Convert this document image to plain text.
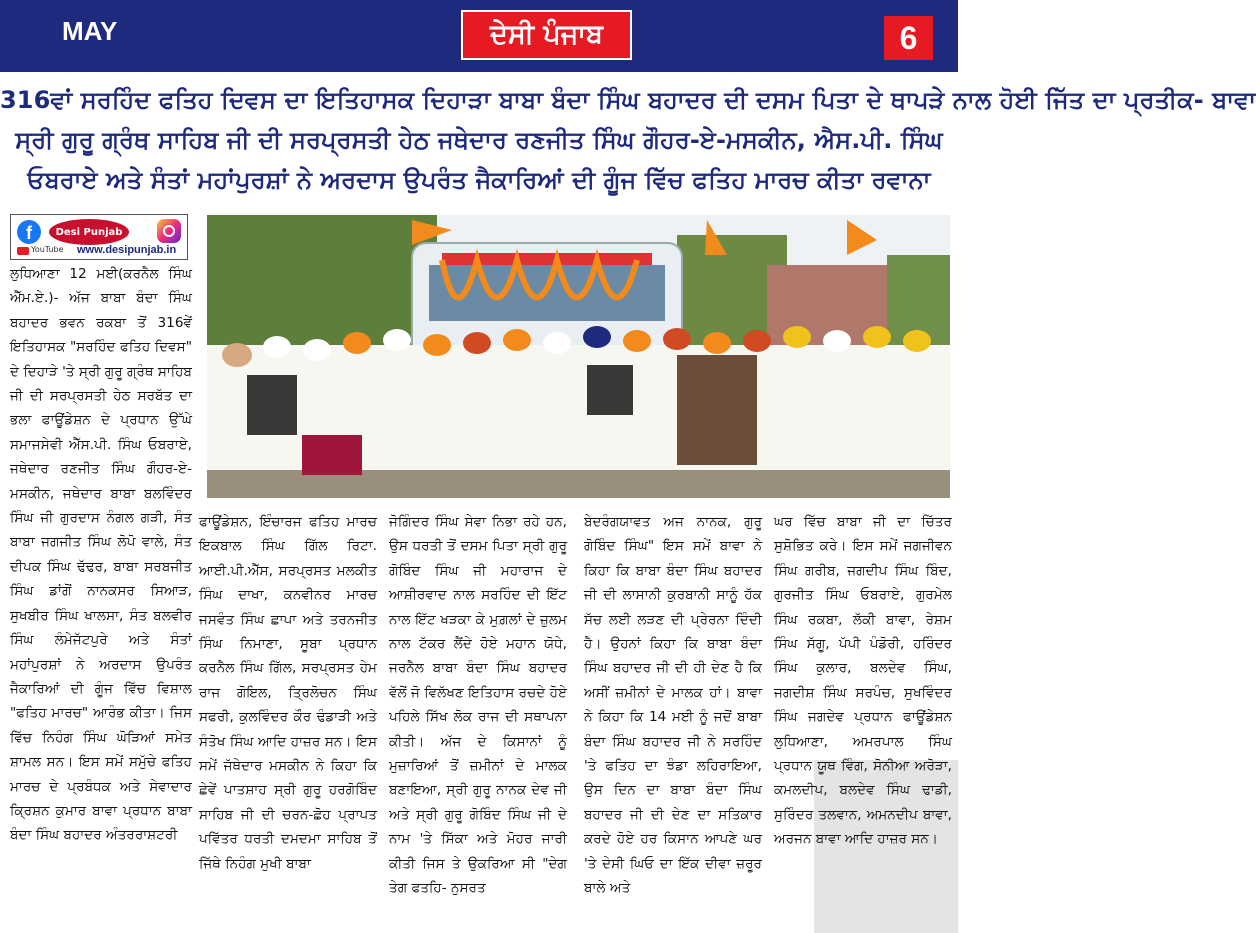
MAY	ਦੇਸੀ ਪੰਜਾਬ	6
316ਵਾਂ ਸਰਹਿੰਦ ਫਤਿਹ ਦਿਵਸ ਦਾ ਇਤਿਹਾਸਕ ਦਿਹਾੜਾ ਬਾਬਾ ਬੰਦਾ ਸਿੰਘ ਬਹਾਦਰ ਦੀ ਦਸਮ ਪਿਤਾ ਦੇ ਥਾਪੜੇ ਨਾਲ ਹੋਈ ਜਿੱਤ ਦਾ ਪ੍ਰਤੀਕ- ਬਾਵਾ
ਸ੍ਰੀ ਗੁਰੂ ਗ੍ਰੰਥ ਸਾਹਿਬ ਜੀ ਦੀ ਸਰਪ੍ਰਸਤੀ ਹੇਠ ਜਥੇਦਾਰ ਰਣਜੀਤ ਸਿੰਘ ਗੌਹਰ-ਏ-ਮਸਕੀਨ, ਐਸ.ਪੀ. ਸਿੰਘ
ਓਬਰਾਏ ਅਤੇ ਸੰਤਾਂ ਮਹਾਂਪੁਰਸ਼ਾਂ ਨੇ ਅਰਦਾਸ ਉਪਰੰਤ ਜੈਕਾਰਿਆਂ ਦੀ ਗੂੰਜ ਵਿੱਚ ਫਤਿਹ ਮਾਰਚ ਕੀਤਾ ਰਵਾਨਾ
f	Desi Punjab
YouTube www.desipunjab.in
ਲੁਧਿਆਣਾ 12 ਮਈ(ਕਰਨੈਲ ਸਿੰਘ ਐੱਮ.ਏ.)- ਅੱਜ ਬਾਬਾ ਬੰਦਾ ਸਿੰਘ ਬਹਾਦਰ ਭਵਨ ਰਕਬਾ ਤੋਂ 316ਵੇਂ ਇਤਿਹਾਸਕ "ਸਰਹਿੰਦ ਫਤਿਹ ਦਿਵਸ" ਦੇ ਦਿਹਾੜੇ 'ਤੇ ਸ੍ਰੀ ਗੁਰੂ ਗ੍ਰੰਥ ਸਾਹਿਬ ਜੀ ਦੀ ਸਰਪ੍ਰਸਤੀ ਹੇਠ ਸਰਬੱਤ ਦਾ ਭਲਾ ਫਾਊਂਡੇਸ਼ਨ ਦੇ ਪ੍ਰਧਾਨ ਉੱਘੇ ਸਮਾਜਸੇਵੀ ਐੱਸ.ਪੀ. ਸਿੰਘ ਓਬਰਾਏ, ਜਥੇਦਾਰ ਰਣਜੀਤ ਸਿੰਘ ਗੌਹਰ-ਏ-ਮਸਕੀਨ, ਜਥੇਦਾਰ ਬਾਬਾ ਬਲਵਿੰਦਰ ਸਿੰਘ ਜੀ ਗੁਰਦਾਸ ਨੰਗਲ ਗੜੀ, ਸੰਤ ਬਾਬਾ ਜਗਜੀਤ ਸਿੰਘ ਲੋਪੋ ਵਾਲੇ, ਸੰਤ ਦੀਪਕ ਸਿੰਘ ਢੱਢਰ, ਬਾਬਾ ਸਰਬਜੀਤ ਸਿੰਘ ਡਾਂਗੋਂ ਨਾਨਕਸਰ ਸਿਆੜ, ਸੁਖਬੀਰ ਸਿੰਘ ਖਾਲਸਾ, ਸੰਤ ਬਲਵੀਰ ਸਿੰਘ ਲੰਮੇਜੱਟਪੁਰੇ ਅਤੇ ਸੰਤਾਂ ਮਹਾਂਪੁਰਸ਼ਾਂ ਨੇ ਅਰਦਾਸ ਉਪਰੰਤ ਜੈਕਾਰਿਆਂ ਦੀ ਗੂੰਜ ਵਿੱਚ ਵਿਸ਼ਾਲ "ਫਤਿਹ ਮਾਰਚ" ਆਰੰਭ ਕੀਤਾ। ਜਿਸ ਵਿੱਚ ਨਿਹੰਗ ਸਿੰਘ ਘੋੜਿਆਂ ਸਮੇਤ ਸ਼ਾਮਲ ਸਨ। ਇਸ ਸਮੇਂ ਸਮੁੱਚੇ ਫਤਿਹ ਮਾਰਚ ਦੇ ਪ੍ਰਬੰਧਕ ਅਤੇ ਸੇਵਾਦਾਰ ਕ੍ਰਿਸ਼ਨ ਕੁਮਾਰ ਬਾਵਾ ਪ੍ਰਧਾਨ ਬਾਬਾ ਬੰਦਾ ਸਿੰਘ ਬਹਾਦਰ ਅੰਤਰਰਾਸ਼ਟਰੀ
ਫਾਊਂਡੇਸ਼ਨ, ਇੰਚਾਰਜ ਫਤਿਹ ਮਾਰਚ ਇਕਬਾਲ ਸਿੰਘ ਗਿੱਲ ਰਿਟਾ. ਆਈ.ਪੀ.ਐੱਸ, ਸਰਪ੍ਰਸਤ ਮਲਕੀਤ ਸਿੰਘ ਦਾਖਾ, ਕਨਵੀਨਰ ਮਾਰਚ ਜਸਵੰਤ ਸਿੰਘ ਛਾਪਾ ਅਤੇ ਤਰਨਜੀਤ ਸਿੰਘ ਨਿਮਾਣਾ, ਸੂਬਾ ਪ੍ਰਧਾਨ ਕਰਨੈਲ ਸਿੰਘ ਗਿੱਲ, ਸਰਪ੍ਰਸਤ ਹੇਮ ਰਾਜ ਗੋਇਲ, ਤ੍ਰਿਲੋਚਨ ਸਿੰਘ ਸਫਰੀ, ਕੁਲਵਿੰਦਰ ਕੌਰ ਢੰਡਾੜੀ ਅਤੇ ਸੰਤੋਖ ਸਿੰਘ ਆਦਿ ਹਾਜ਼ਰ ਸਨ। ਇਸ ਸਮੇਂ ਜੱਥੇਦਾਰ ਮਸਕੀਨ ਨੇ ਕਿਹਾ ਕਿ ਛੇਵੇਂ ਪਾਤਸ਼ਾਹ ਸ੍ਰੀ ਗੁਰੂ ਹਰਗੋਬਿੰਦ ਸਾਹਿਬ ਜੀ ਦੀ ਚਰਨ-ਛੋਹ ਪ੍ਰਾਪਤ ਪਵਿੱਤਰ ਧਰਤੀ ਦਮਦਮਾ ਸਾਹਿਬ ਤੋਂ ਜਿੱਥੇ ਨਿਹੰਗ ਮੁਖੀ ਬਾਬਾ
ਜੋਗਿੰਦਰ ਸਿੰਘ ਸੇਵਾ ਨਿਭਾ ਰਹੇ ਹਨ, ਉਸ ਧਰਤੀ ਤੋਂ ਦਸਮ ਪਿਤਾ ਸ੍ਰੀ ਗੁਰੂ ਗੋਬਿੰਦ ਸਿੰਘ ਜੀ ਮਹਾਰਾਜ ਦੇ ਆਸ਼ੀਰਵਾਦ ਨਾਲ ਸਰਹਿੰਦ ਦੀ ਇੱਟ ਨਾਲ ਇੱਟ ਖੜਕਾ ਕੇ ਮੁਗ਼ਲਾਂ ਦੇ ਜ਼ੁਲਮ ਨਾਲ ਟੱਕਰ ਲੈਂਦੇ ਹੋਏ ਮਹਾਨ ਯੋਧੇ, ਜਰਨੈਲ ਬਾਬਾ ਬੰਦਾ ਸਿੰਘ ਬਹਾਦਰ ਵੱਲੋਂ ਜੋ ਵਿਲੱਖਣ ਇਤਿਹਾਸ ਰਚਦੇ ਹੋਏ ਪਹਿਲੇ ਸਿੱਖ ਲੋਕ ਰਾਜ ਦੀ ਸਥਾਪਨਾ ਕੀਤੀ। ਅੱਜ ਦੇ ਕਿਸਾਨਾਂ ਨੂੰ ਮੁਜ਼ਾਰਿਆਂ ਤੋਂ ਜ਼ਮੀਨਾਂ ਦੇ ਮਾਲਕ ਬਣਾਇਆ, ਸ੍ਰੀ ਗੁਰੂ ਨਾਨਕ ਦੇਵ ਜੀ ਅਤੇ ਸ੍ਰੀ ਗੁਰੂ ਗੋਬਿੰਦ ਸਿੰਘ ਜੀ ਦੇ ਨਾਮ 'ਤੇ ਸਿੱਕਾ ਅਤੇ ਮੋਹਰ ਜਾਰੀ ਕੀਤੀ ਜਿਸ ਤੇ ਉਕਰਿਆ ਸੀ "ਦੇਗ ਤੇਗ ਫਤਹਿ- ਨੁਸਰਤ
ਬੇਦਰੰਗਯਾਵਤ ਅਜ ਨਾਨਕ, ਗੁਰੂ ਗੋਬਿੰਦ ਸਿੰਘ" ਇਸ ਸਮੇਂ ਬਾਵਾ ਨੇ ਕਿਹਾ ਕਿ ਬਾਬਾ ਬੰਦਾ ਸਿੰਘ ਬਹਾਦਰ ਜੀ ਦੀ ਲਾਸਾਨੀ ਕੁਰਬਾਨੀ ਸਾਨੂੰ ਹੱਕ ਸੱਚ ਲਈ ਲੜਣ ਦੀ ਪ੍ਰੇਰਨਾ ਦਿੰਦੀ ਹੈ। ਉਹਨਾਂ ਕਿਹਾ ਕਿ ਬਾਬਾ ਬੰਦਾ ਸਿੰਘ ਬਹਾਦਰ ਜੀ ਦੀ ਹੀ ਦੇਣ ਹੈ ਕਿ ਅਸੀਂ ਜ਼ਮੀਨਾਂ ਦੇ ਮਾਲਕ ਹਾਂ। ਬਾਵਾ ਨੇ ਕਿਹਾ ਕਿ 14 ਮਈ ਨੂੰ ਜਦੋਂ ਬਾਬਾ ਬੰਦਾ ਸਿੰਘ ਬਹਾਦਰ ਜੀ ਨੇ ਸਰਹਿੰਦ 'ਤੇ ਫਤਿਹ ਦਾ ਝੰਡਾ ਲਹਿਰਾਇਆ, ਉਸ ਦਿਨ ਦਾ ਬਾਬਾ ਬੰਦਾ ਸਿੰਘ ਬਹਾਦਰ ਜੀ ਦੀ ਦੇਣ ਦਾ ਸਤਿਕਾਰ ਕਰਦੇ ਹੋਏ ਹਰ ਕਿਸਾਨ ਆਪਣੇ ਘਰ 'ਤੇ ਦੇਸੀ ਘਿਓ ਦਾ ਇੱਕ ਦੀਵਾ ਜ਼ਰੂਰ ਬਾਲੇ ਅਤੇ
ਘਰ ਵਿੱਚ ਬਾਬਾ ਜੀ ਦਾ ਚਿੱਤਰ ਸੁਸ਼ੋਭਿਤ ਕਰੇ। ਇਸ ਸਮੇਂ ਜਗਜੀਵਨ ਸਿੰਘ ਗਰੀਬ, ਜਗਦੀਪ ਸਿੰਘ ਬਿੰਦ, ਗੁਰਜੀਤ ਸਿੰਘ ਓਬਰਾਏ, ਗੁਰਮੇਲ ਸਿੰਘ ਰਕਬਾ, ਲੱਕੀ ਬਾਵਾ, ਰੇਸ਼ਮ ਸਿੰਘ ਸੱਗੂ, ਪੱਪੀ ਪੰਡੋਰੀ, ਹਰਿੰਦਰ ਸਿੰਘ ਕੁਲਾਰ, ਬਲਦੇਵ ਸਿੰਘ, ਜਗਦੀਸ਼ ਸਿੰਘ ਸਰਪੰਚ, ਸੁਖਵਿੰਦਰ ਸਿੰਘ ਜਗਦੇਵ ਪ੍ਰਧਾਨ ਫਾਊਂਡੇਸ਼ਨ ਲੁਧਿਆਣਾ, ਅਮਰਪਾਲ ਸਿੰਘ ਪ੍ਰਧਾਨ ਯੂਥ ਵਿੰਗ, ਸੋਨੀਆ ਅਰੋੜਾ, ਕਮਲਦੀਪ, ਬਲਦੇਵ ਸਿੰਘ ਢਾਡੀ, ਸੁਰਿੰਦਰ ਤਲਵਾਨ, ਅਮਨਦੀਪ ਬਾਵਾ, ਅਰਜਨ ਬਾਵਾ ਆਦਿ ਹਾਜ਼ਰ ਸਨ।
